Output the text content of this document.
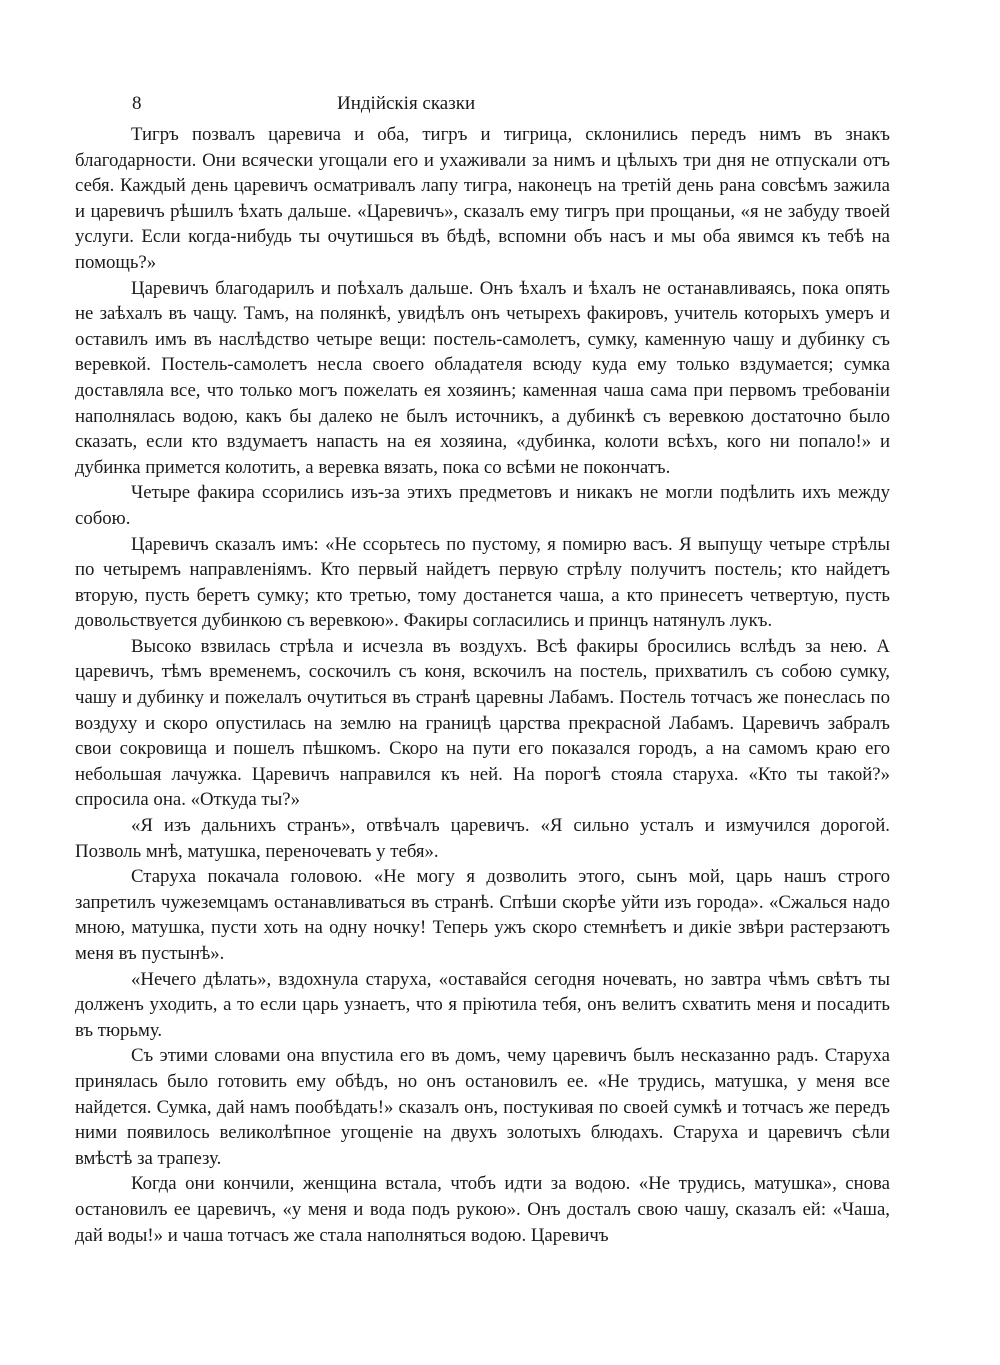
8	Индiйскiя сказки

Тигръ позвалъ царевича и оба, тигръ и тигрица, склонились передъ нимъ въ знакъ благодарности. Они всячески угощали его и ухаживали за нимъ и цѣлыхъ три дня не отпускали отъ себя. Каждый день царевичъ осматривалъ лапу тигра, наконецъ на третiй день рана совсѣмъ зажила и царевичъ рѣшилъ ѣхать дальше. «Царевичъ», сказалъ ему тигръ при прощаньи, «я не забуду твоей услуги. Если когда-нибудь ты очутишься въ бѣдѣ, вспомни объ насъ и мы оба явимся къ тебѣ на помощь?»

Царевичъ благодарилъ и поѣхалъ дальше. Онъ ѣхалъ и ѣхалъ не останавливаясь, пока опять не заѣхалъ въ чащу. Тамъ, на полянкѣ, увидѣлъ онъ четырехъ факировъ, учитель которыхъ умеръ и оставилъ имъ въ наслѣдство четыре вещи: постель-самолетъ, сумку, каменную чашу и дубинку съ веревкой. Постель-самолетъ несла своего обладателя всюду куда ему только вздумается; сумка доставляла все, что только могъ пожелать ея хозяинъ; каменная чаша сама при первомъ требованiи наполнялась водою, какъ бы далеко не былъ источникъ, а дубинкѣ съ веревкою достаточно было сказать, если кто вздумаетъ напасть на ея хозяина, «дубинка, колоти всѣхъ, кого ни попало!» и дубинка примется колотить, а веревка вязать, пока со всѣми не покончатъ.

Четыре факира ссорились изъ-за этихъ предметовъ и никакъ не могли подѣлить ихъ между собою.

Царевичъ сказалъ имъ: «Не ссорьтесь по пустому, я помирю васъ. Я выпущу четыре стрѣлы по четыремъ направленiямъ. Кто первый найдетъ первую стрѣлу получитъ постель; кто найдетъ вторую, пусть беретъ сумку; кто третью, тому достанется чаша, а кто принесетъ четвертую, пусть довольствуется дубинкою съ веревкою». Факиры согласились и принцъ натянулъ лукъ.

Высоко взвилась стрѣла и исчезла въ воздухъ. Всѣ факиры бросились вслѣдъ за нею. А царевичъ, тѣмъ временемъ, соскочилъ съ коня, вскочилъ на постель, прихватилъ съ собою сумку, чашу и дубинку и пожелалъ очутиться въ странѣ царевны Лабамъ. Постель тотчасъ же понеслась по воздуху и скоро опустилась на землю на границѣ царства прекрасной Лабамъ. Царевичъ забралъ свои сокровища и пошелъ пѣшкомъ. Скоро на пути его показался городъ, а на самомъ краю его небольшая лачужка. Царевичъ направился къ ней. На порогѣ стояла старуха. «Кто ты такой?» спросила она. «Откуда ты?»

«Я изъ дальнихъ странъ», отвѣчалъ царевичъ. «Я сильно усталъ и измучился дорогой. Позволь мнѣ, матушка, переночевать у тебя».

Старуха покачала головою. «Не могу я дозволить этого, сынъ мой, царь нашъ строго запретилъ чужеземцамъ останавливаться въ странѣ. Спѣши скорѣе уйти изъ города». «Сжалься надо мною, матушка, пусти хоть на одну ночку! Теперь ужъ скоро стемнѣетъ и дикiе звѣри растерзаютъ меня въ пустынѣ».

«Нечего дѣлать», вздохнула старуха, «оставайся сегодня ночевать, но завтра чѣмъ свѣтъ ты долженъ уходить, а то если царь узнаетъ, что я прiютила тебя, онъ велитъ схватить меня и посадить въ тюрьму.

Съ этими словами она впустила его въ домъ, чему царевичъ былъ несказанно радъ. Старуха принялась было готовить ему обѣдъ, но онъ остановилъ ее. «Не трудись, матушка, у меня все найдется. Сумка, дай намъ пообѣдать!» сказалъ онъ, постукивая по своей сумкѣ и тотчасъ же передъ ними появилось великолѣпное угощенiе на двухъ золотыхъ блюдахъ. Старуха и царевичъ сѣли вмѣстѣ за трапезу.

Когда они кончили, женщина встала, чтобъ идти за водою. «Не трудись, матушка», снова остановилъ ее царевичъ, «у меня и вода подъ рукою». Онъ досталъ свою чашу, сказалъ ей: «Чаша, дай воды!» и чаша тотчасъ же стала наполняться водою. Царевичъ
